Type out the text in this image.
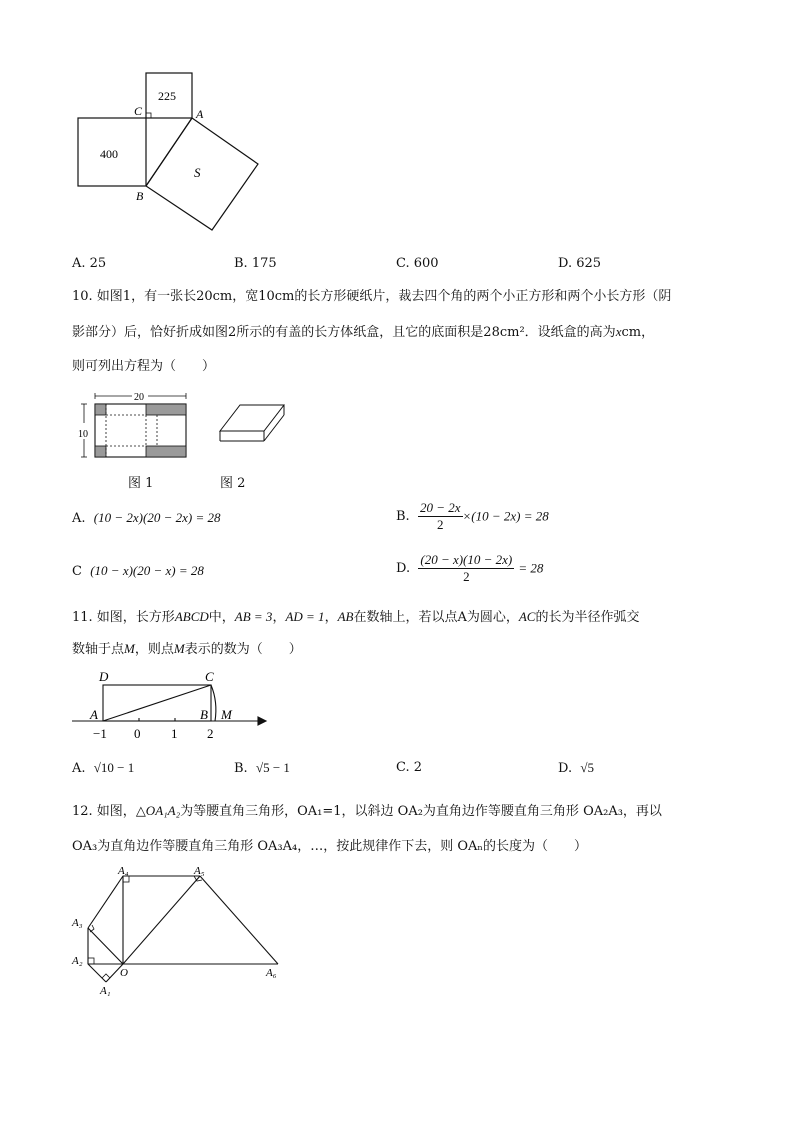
400
225
S
C	A
B
A. 25	B. 175	C. 600	D. 625
10. 如图1，有一张长20cm，宽10cm的长方形硬纸片，裁去四个角的两个小正方形和两个小长方形（阴
影部分）后，恰好折成如图2所示的有盖的长方体纸盒，且它的底面积是28cm²．设纸盒的高为xcm，
则可列出方程为（　　）
20
10
图 1	图 2
A. (10 − 2x)(20 − 2x) = 28	B. $\frac{20 - 2x}{2} \times(10 - 2x) = 28$
C (10 − x)(20 − x) = 28	D. $\frac{(20 - x)(10 - 2x)}{2} = 28$
11. 如图，长方形ABCD中，AB = 3，AD = 1，AB在数轴上，若以点A为圆心，AC的长为半径作弧交
数轴于点M，则点M表示的数为（　　）
D	C
A	B M
−1 0 1 2
A. √10 − 1	B. √5 − 1	C. 2	D. √5
12. 如图，△OA₁A₂为等腰直角三角形，OA₁=1，以斜边 OA₂为直角边作等腰直角三角形 OA₂A₃，再以
OA₃为直角边作等腰直角三角形 OA₃A₄，…，按此规律作下去，则 OAₙ的长度为（　　）
O
A₁
A₂
A₃
A₄	A₅
A₆
